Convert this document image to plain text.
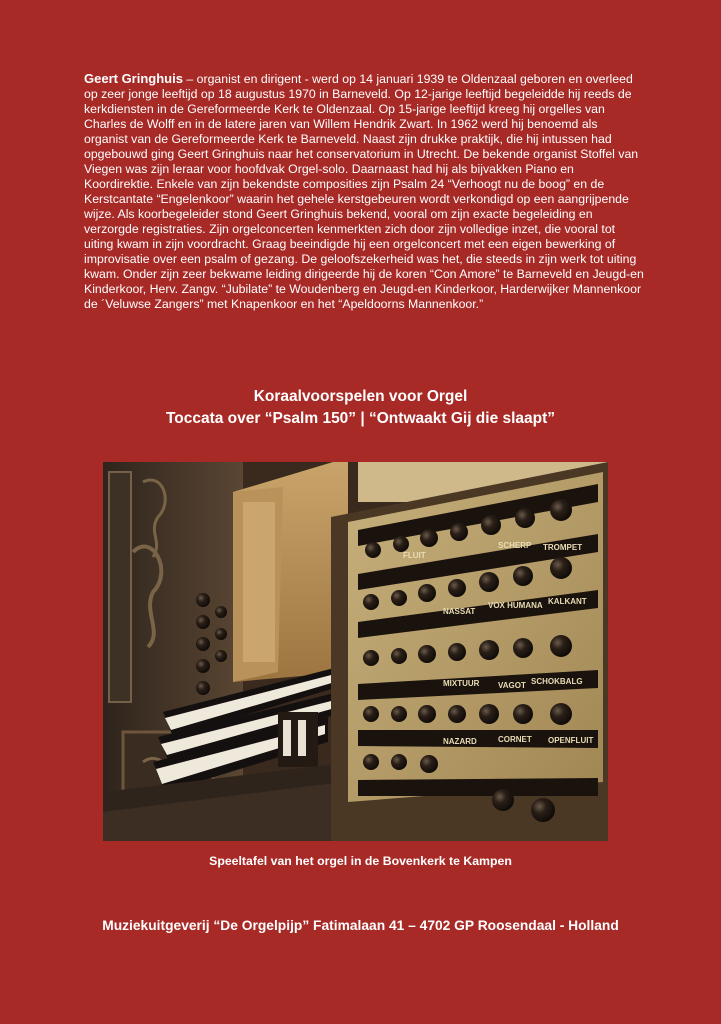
Geert Gringhuis – organist en dirigent - werd op 14 januari 1939 te Oldenzaal geboren en overleed op zeer jonge leeftijd op 18 augustus 1970 in Barneveld. Op 12-jarige leeftijd begeleidde hij reeds de kerkdiensten in de Gereformeerde Kerk te Oldenzaal. Op 15-jarige leeftijd kreeg hij orgelles van Charles de Wolff en in de latere jaren van Willem Hendrik Zwart. In 1962 werd hij benoemd als organist van de Gereformeerde Kerk te Barneveld. Naast zijn drukke praktijk, die hij intussen had opgebouwd ging Geert Gringhuis naar het conservatorium in Utrecht. De bekende organist Stoffel van Viegen was zijn leraar voor hoofdvak Orgel-solo. Daarnaast had hij als bijvakken Piano en Koordirektie. Enkele van zijn bekendste composities zijn Psalm 24 “Verhoogt nu de boog” en de Kerstcantate “Engelenkoor” waarin het gehele kerstgebeuren wordt verkondigd op een aangrijpende wijze. Als koorbegeleider stond Geert Gringhuis bekend, vooral om zijn exacte begeleiding en verzorgde registraties. Zijn orgelconcerten kenmerkten zich door zijn volledige inzet, die vooral tot uiting kwam in zijn voordracht. Graag beeindigde hij een orgelconcert met een eigen bewerking of improvisatie over een psalm of gezang. De geloofszekerheid was het, die steeds in zijn werk tot uiting kwam. Onder zijn zeer bekwame leiding dirigeerde hij de koren “Con Amore” te Barneveld en Jeugd-en Kinderkoor, Herv. Zangv. “Jubilate” te Woudenberg en Jeugd-en Kinderkoor, Harderwijker Mannenkoor de ´Veluwse Zangers” met Knapenkoor en het “Apeldoorns Mannenkoor.”

Koraalvoorspelen voor Orgel
Toccata over “Psalm 150” | “Ontwaakt Gij die slaapt”
TROMPET
KALKANT
NASSAT
VOX HUMANA
MIXTUUR	SCHOKBALG
CORNET OPENFLUIT
SCHERP
FLUIT
VAGOT
NAZARD
Speeltafel van het orgel in de Bovenkerk te Kampen
Muziekuitgeverij “De Orgelpijp” Fatimalaan 41 – 4702 GP Roosendaal - Holland
